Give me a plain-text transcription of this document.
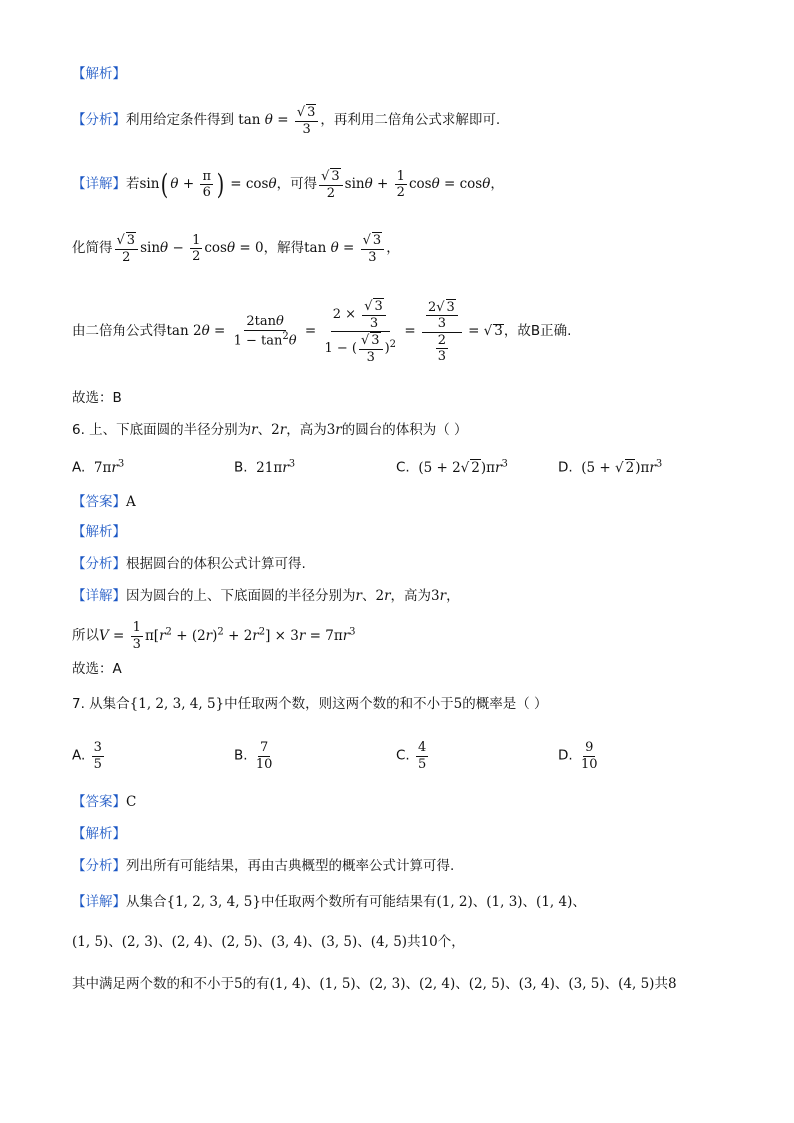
【解析】
【分析】利用给定条件得到 $\tan \theta = \frac{√ 3}{3}$ ，再利用二倍角公式求解即可.
【详解】若sin( $\theta + \frac{\pi}{6}$ ) = cosθ，可得 $\frac{√ 3}{2}$ $\sin\theta + \frac{1}{2}$ cosθ = cosθ，
化简得 $\frac{√ 3}{2}$ $\sin\theta - \frac{1}{2}$ cosθ = 0，解得$\tan \theta = \frac{√ 3}{3}$ ，
由二倍角公式得$\tan 2\theta = \frac{2\tan\theta}{1 - \tan^2\theta} = \frac{2 \times \frac{√ 3}{3}}{1 - ( \frac{√ 3}{3} )^2} = \frac{\frac{2√ 3}{3}}{\frac{2}{3}}$ = √ 3，故B正确.
故选：B
6. 上、下底面圆的半径分别为r、2r，高为3r的圆台的体积为（ ）
A. $7\pi r^3$	B. $21\pi r^3$	C. (5 + 2√ $2)\pi r^3$	D. (5 + √ $2)\pi r^3$
【答案】A
【解析】
【分析】根据圆台的体积公式计算可得.
【详解】因为圆台的上、下底面圆的半径分别为r、2r，高为3r，
所以$V = \frac{1}{3} \pi[r^2 + (2r)^2 + 2r^2] \times 3r = 7\pi r^3$
故选：A
7. 从集合{1, 2, 3, 4, 5}中任取两个数，则这两个数的和不小于5的概率是（ ）
A. $\frac{3}{5}$	B. $\frac{7}{10}$	C. $\frac{4}{5}$	D. $\frac{9}{10}$
【答案】C
【解析】
【分析】列出所有可能结果，再由古典概型的概率公式计算可得.
【详解】从集合{1, 2, 3, 4, 5}中任取两个数所有可能结果有(1, 2)、(1, 3)、(1, 4)、
(1, 5)、(2, 3)、(2, 4)、(2, 5)、(3, 4)、(3, 5)、(4, 5)共10个，
其中满足两个数的和不小于5的有(1, 4)、(1, 5)、(2, 3)、(2, 4)、(2, 5)、(3, 4)、(3, 5)、(4, 5)共8
